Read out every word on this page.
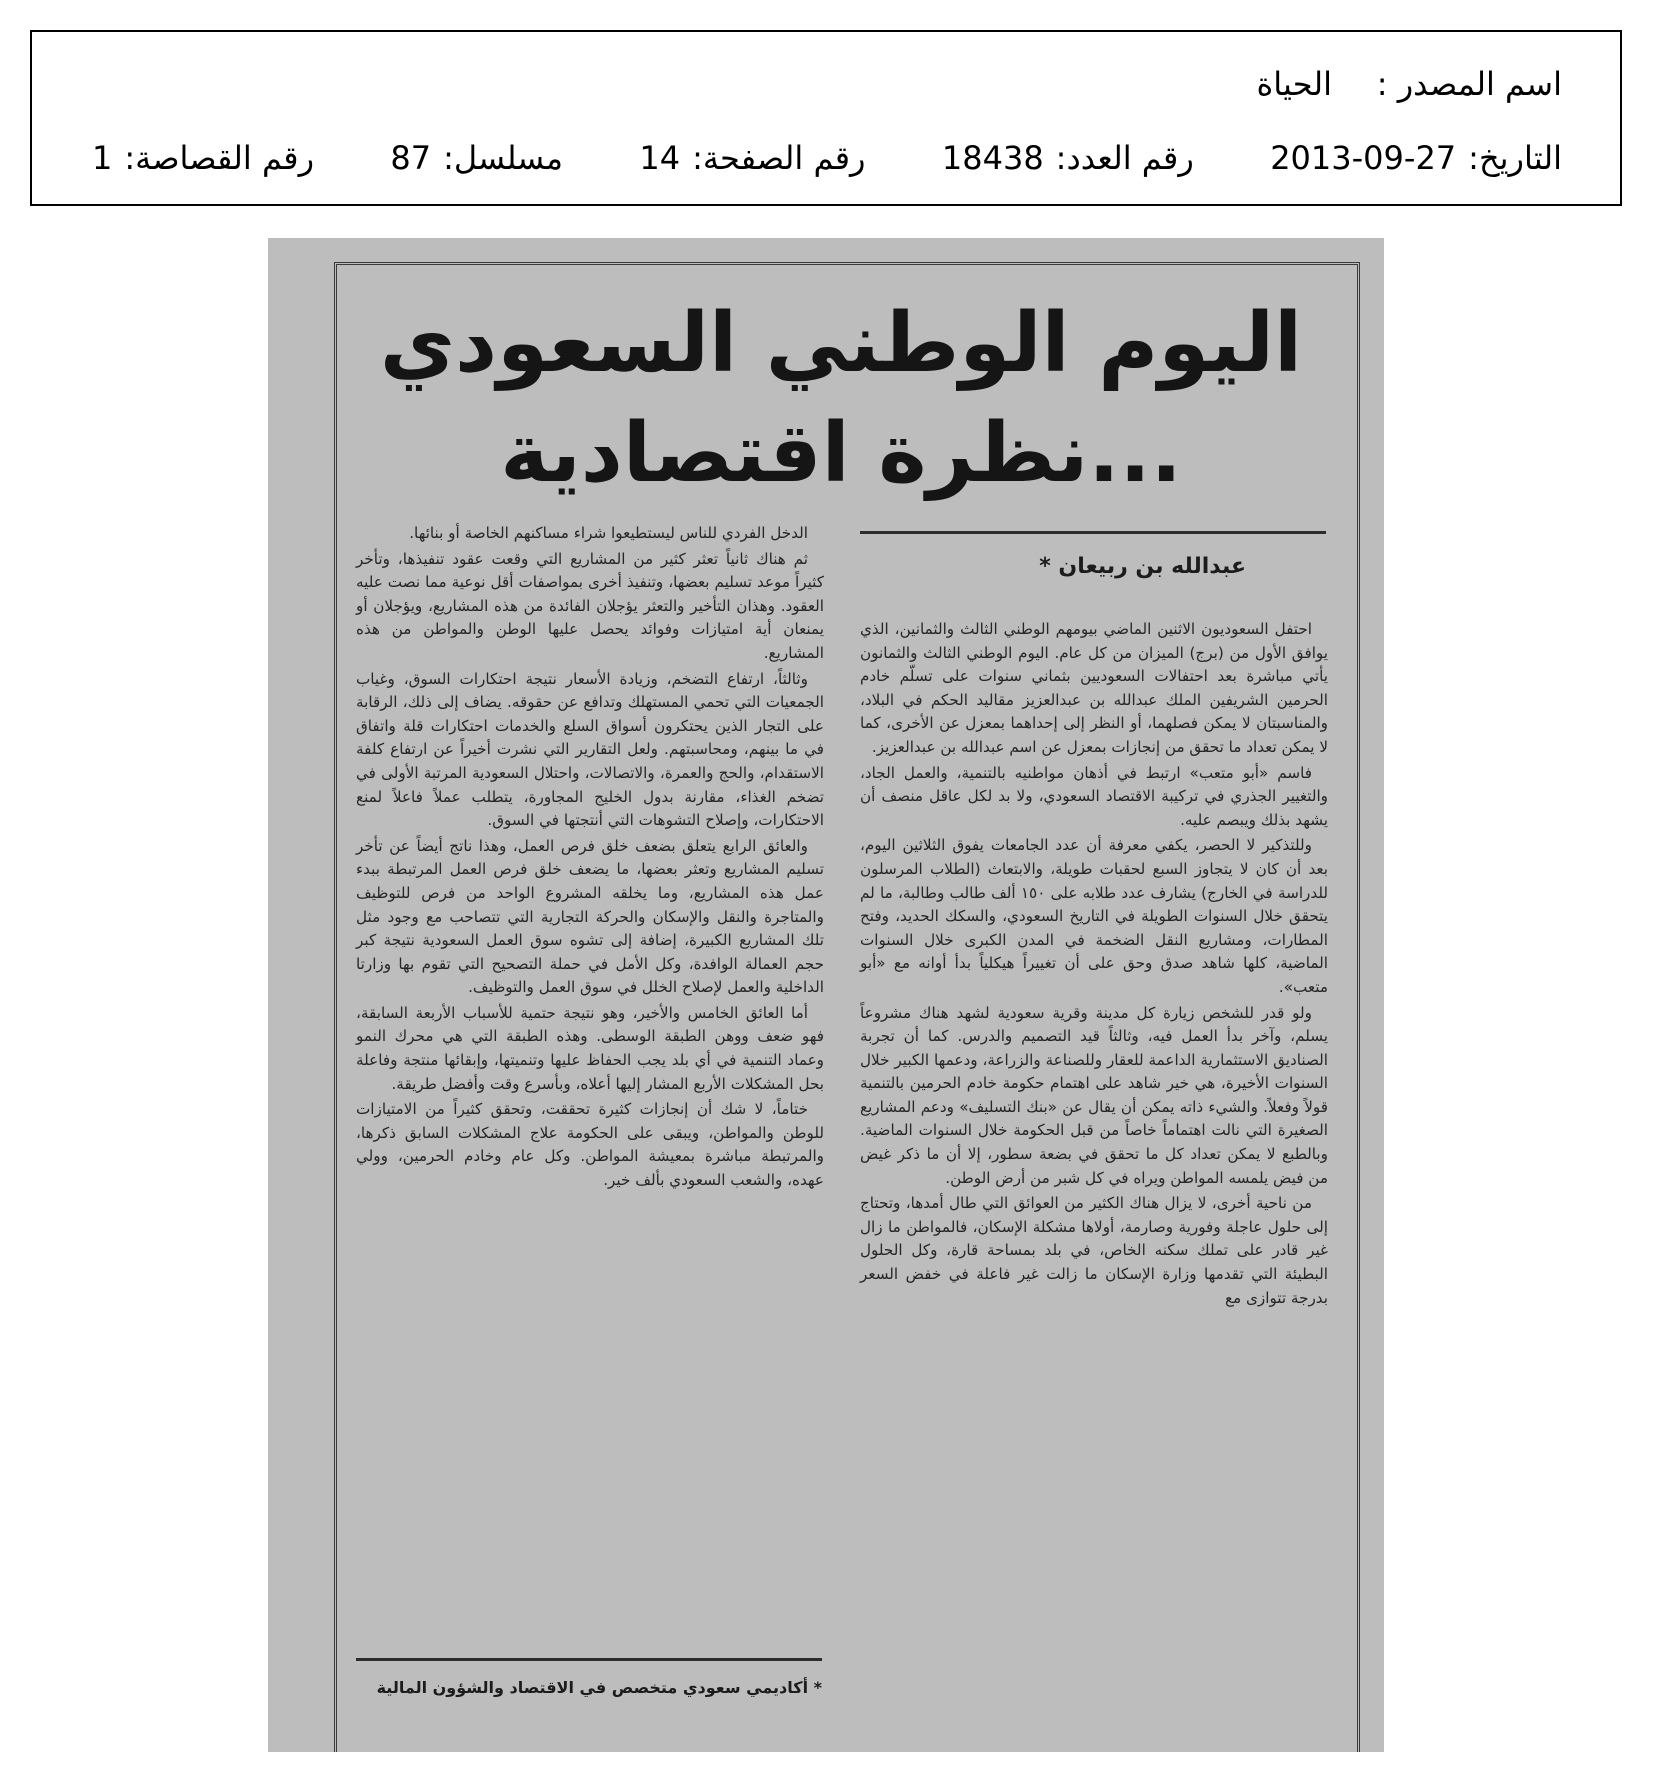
اسم المصدر :
الحياة
التاريخ:
2013-09-27
رقم العدد:
18438
رقم الصفحة:
14
مسلسل:
87
رقم القصاصة:
1
اليوم الوطني السعودي
...نظرة اقتصادية
عبدالله بن ربيعان *

احتفل السعوديون الاثنين الماضي بيومهم الوطني الثالث والثمانين، الذي يوافق الأول من (برج) الميزان من كل عام. اليوم الوطني الثالث والثمانون يأتي مباشرة بعد احتفالات السعوديين بثماني سنوات على تسلّم خادم الحرمين الشريفين الملك عبدالله بن عبدالعزيز مقاليد الحكم في البلاد، والمناسبتان لا يمكن فصلهما، أو النظر إلى إحداهما بمعزل عن الأخرى، كما لا يمكن تعداد ما تحقق من إنجازات بمعزل عن اسم عبدالله بن عبدالعزيز.

فاسم «أبو متعب» ارتبط في أذهان مواطنيه بالتنمية، والعمل الجاد، والتغيير الجذري في تركيبة الاقتصاد السعودي، ولا بد لكل عاقل منصف أن يشهد بذلك ويبصم عليه.

وللتذكير لا الحصر، يكفي معرفة أن عدد الجامعات يفوق الثلاثين اليوم، بعد أن كان لا يتجاوز السبع لحقبات طويلة، والابتعاث (الطلاب المرسلون للدراسة في الخارج) يشارف عدد طلابه على ١٥٠ ألف طالب وطالبة، ما لم يتحقق خلال السنوات الطويلة في التاريخ السعودي، والسكك الحديد، وفتح المطارات، ومشاريع النقل الضخمة في المدن الكبرى خلال السنوات الماضية، كلها شاهد صدق وحق على أن تغييراً هيكلياً بدأ أوانه مع «أبو متعب».

ولو قدر للشخص زيارة كل مدينة وقرية سعودية لشهد هناك مشروعاً يسلم، وآخر بدأ العمل فيه، وثالثاً قيد التصميم والدرس. كما أن تجربة الصناديق الاستثمارية الداعمة للعقار وللصناعة والزراعة، ودعمها الكبير خلال السنوات الأخيرة، هي خير شاهد على اهتمام حكومة خادم الحرمين بالتنمية قولاً وفعلاً. والشيء ذاته يمكن أن يقال عن «بنك التسليف» ودعم المشاريع الصغيرة التي نالت اهتماماً خاصاً من قبل الحكومة خلال السنوات الماضية. وبالطبع لا يمكن تعداد كل ما تحقق في بضعة سطور، إلا أن ما ذكر غيض من فيض يلمسه المواطن ويراه في كل شبر من أرض الوطن.

من ناحية أخرى، لا يزال هناك الكثير من العوائق التي طال أمدها، وتحتاج إلى حلول عاجلة وفورية وصارمة، أولاها مشكلة الإسكان، فالمواطن ما زال غير قادر على تملك سكنه الخاص، في بلد بمساحة قارة، وكل الحلول البطيئة التي تقدمها وزارة الإسكان ما زالت غير فاعلة في خفض السعر بدرجة تتوازى مع

الدخل الفردي للناس ليستطيعوا شراء مساكنهم الخاصة أو بنائها.

ثم هناك ثانياً تعثر كثير من المشاريع التي وقعت عقود تنفيذها، وتأخر كثيراً موعد تسليم بعضها، وتنفيذ أخرى بمواصفات أقل نوعية مما نصت عليه العقود. وهذان التأخير والتعثر يؤجلان الفائدة من هذه المشاريع، ويؤجلان أو يمنعان أية امتيازات وفوائد يحصل عليها الوطن والمواطن من هذه المشاريع.

وثالثاً، ارتفاع التضخم، وزيادة الأسعار نتيجة احتكارات السوق، وغياب الجمعيات التي تحمي المستهلك وتدافع عن حقوقه. يضاف إلى ذلك، الرقابة على التجار الذين يحتكرون أسواق السلع والخدمات احتكارات قلة واتفاق في ما بينهم، ومحاسبتهم. ولعل التقارير التي نشرت أخيراً عن ارتفاع كلفة الاستقدام، والحج والعمرة، والاتصالات، واحتلال السعودية المرتبة الأولى في تضخم الغذاء، مقارنة بدول الخليج المجاورة، يتطلب عملاً فاعلاً لمنع الاحتكارات، وإصلاح التشوهات التي أنتجتها في السوق.

والعائق الرابع يتعلق بضعف خلق فرص العمل، وهذا ناتج أيضاً عن تأخر تسليم المشاريع وتعثر بعضها، ما يضعف خلق فرص العمل المرتبطة ببدء عمل هذه المشاريع، وما يخلقه المشروع الواحد من فرص للتوظيف والمتاجرة والنقل والإسكان والحركة التجارية التي تتصاحب مع وجود مثل تلك المشاريع الكبيرة، إضافة إلى تشوه سوق العمل السعودية نتيجة كبر حجم العمالة الوافدة، وكل الأمل في حملة التصحيح التي تقوم بها وزارتا الداخلية والعمل لإصلاح الخلل في سوق العمل والتوظيف.

أما العائق الخامس والأخير، وهو نتيجة حتمية للأسباب الأربعة السابقة، فهو ضعف ووهن الطبقة الوسطى. وهذه الطبقة التي هي محرك النمو وعماد التنمية في أي بلد يجب الحفاظ عليها وتنميتها، وإبقائها منتجة وفاعلة بحل المشكلات الأربع المشار إليها أعلاه، وبأسرع وقت وأفضل طريقة.

ختاماً، لا شك أن إنجازات كثيرة تحققت، وتحقق كثيراً من الامتيازات للوطن والمواطن، ويبقى على الحكومة علاج المشكلات السابق ذكرها، والمرتبطة مباشرة بمعيشة المواطن. وكل عام وخادم الحرمين، وولي عهده، والشعب السعودي بألف خير.

* أكاديمي سعودي متخصص في الاقتصاد والشؤون المالية
